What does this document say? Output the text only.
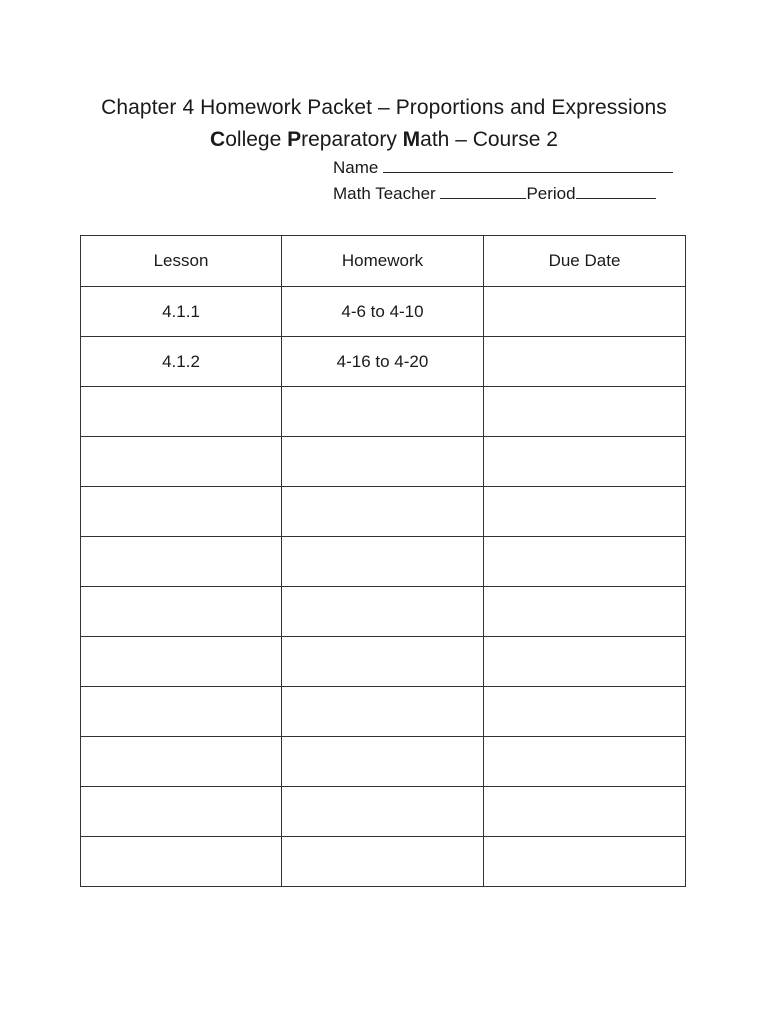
Chapter 4 Homework Packet – Proportions and Expressions
College Preparatory Math – Course 2
Name
Math Teacher	Period
Lesson	Homework	Due Date
4.1.1	4-6 to 4-10	
4.1.2	4-16 to 4-20	
